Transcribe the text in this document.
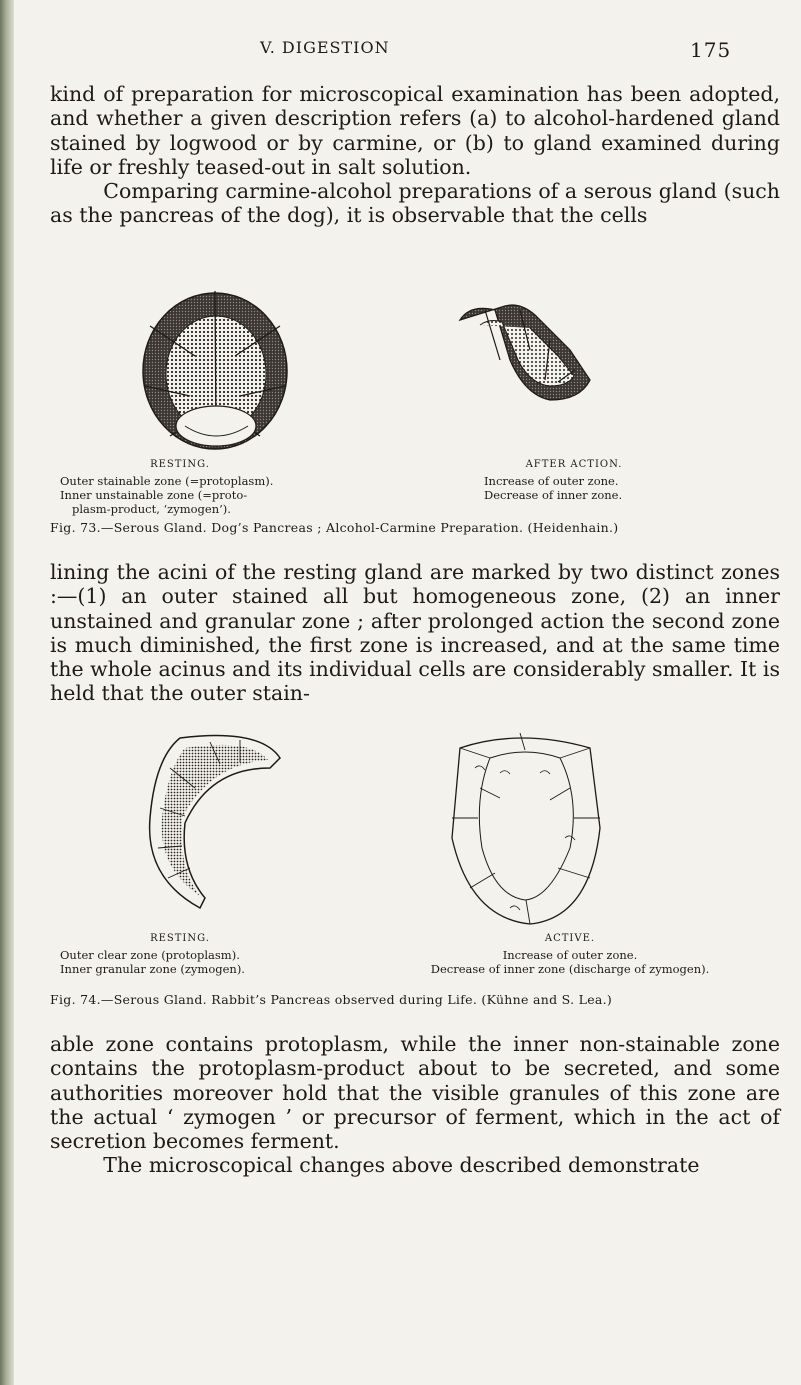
V. DIGESTION	175

kind of preparation for microscopical examination has been adopted, and whether a given description refers (a) to alcohol-hardened gland stained by logwood or by carmine, or (b) to gland examined during life or freshly teased-out in salt solution.

Comparing carmine-alcohol preparations of a serous gland (such as the pancreas of the dog), it is observable that the cells

RESTING.
Outer stainable zone (=protoplasm).
Inner unstainable zone (=proto-
plasm-product, ‘zymogen’).
AFTER ACTION.
Increase of outer zone.
Decrease of inner zone.
Fig. 73.—Serous Gland. Dog’s Pancreas ; Alcohol-Carmine Preparation. (Heidenhain.)

lining the acini of the resting gland are marked by two distinct zones :—(1) an outer stained all but homogeneous zone, (2) an inner unstained and granular zone ; after prolonged action the second zone is much diminished, the first zone is increased, and at the same time the whole acinus and its individual cells are considerably smaller. It is held that the outer stain-

RESTING.
Outer clear zone (protoplasm).
Inner granular zone (zymogen).
ACTIVE.
Increase of outer zone.
Decrease of inner zone (discharge of zymogen).
Fig. 74.—Serous Gland. Rabbit’s Pancreas observed during Life. (Kühne and S. Lea.)

able zone contains protoplasm, while the inner non-stainable zone contains the protoplasm-product about to be secreted, and some authorities moreover hold that the visible granules of this zone are the actual ‘ zymogen ’ or precursor of ferment, which in the act of secretion becomes ferment.

The microscopical changes above described demonstrate
